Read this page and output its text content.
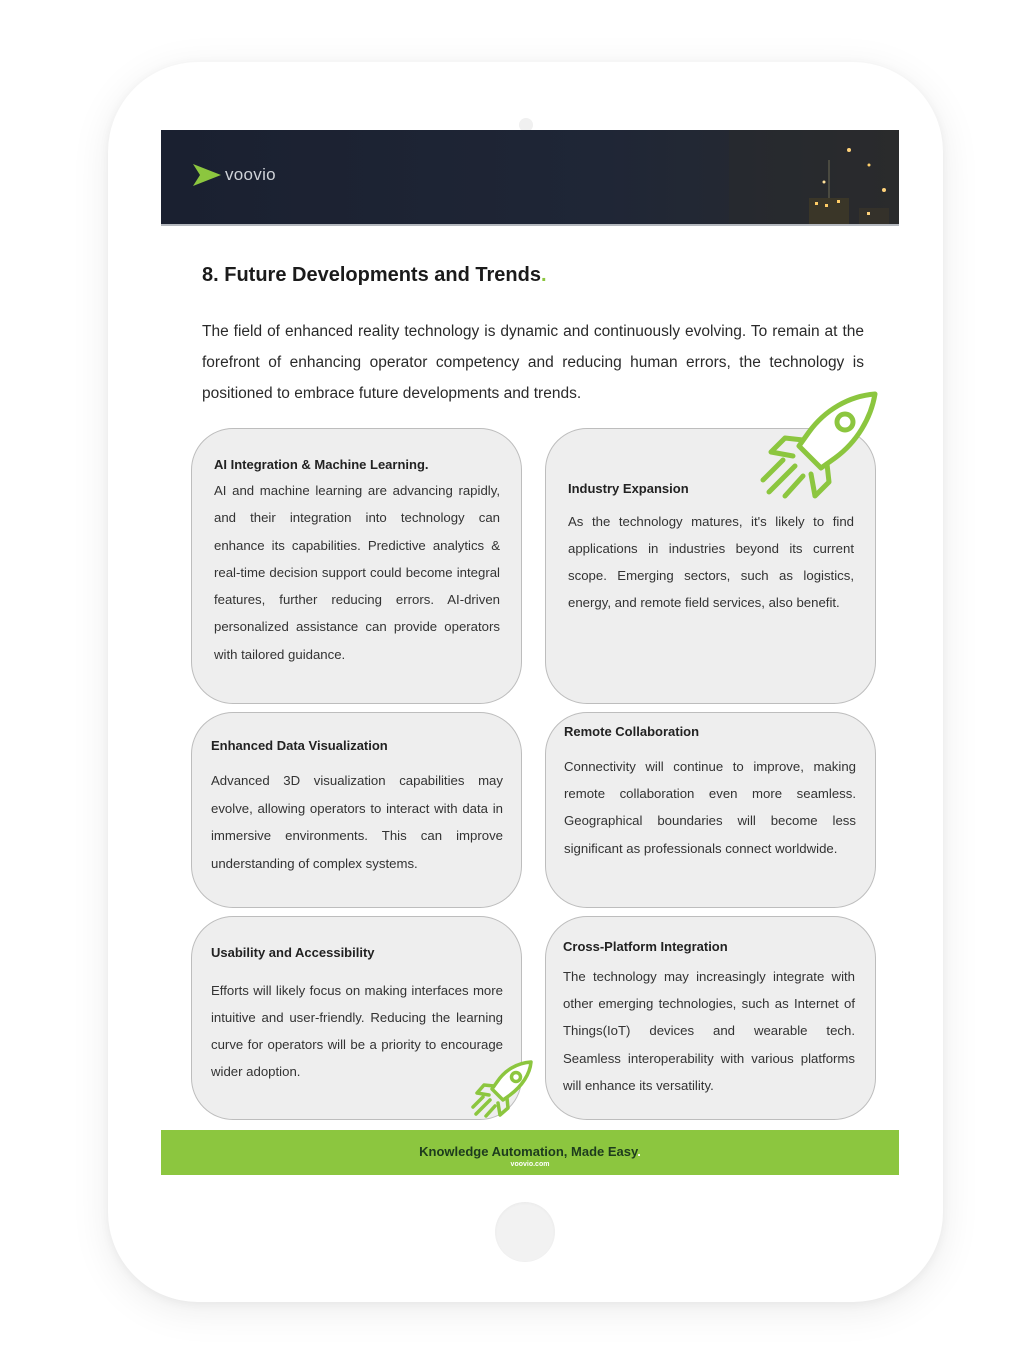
voovio
8. Future Developments and Trends.

The field of enhanced reality technology is dynamic and continuously evolving. To remain at the forefront of enhancing operator competency and reducing human errors, the technology is positioned to embrace future developments and trends.

AI Integration & Machine Learning.

AI and machine learning are advancing rapidly, and their integration into technology can enhance its capabilities. Predictive analytics & real-time decision support could become integral features, further reducing errors. AI-driven personalized assistance can provide operators with tailored guidance.

Industry Expansion

As the technology matures, it's likely to find applications in industries beyond its current scope. Emerging sectors, such as logistics, energy, and remote field services, also benefit.

Enhanced Data Visualization

Advanced 3D visualization capabilities may evolve, allowing operators to interact with data in immersive environments. This can improve understanding of complex systems.

Remote Collaboration

Connectivity will continue to improve, making remote collaboration even more seamless. Geographical boundaries will become less significant as professionals connect worldwide.

Usability and Accessibility

Efforts will likely focus on making interfaces more intuitive and user-friendly. Reducing the learning curve for operators will be a priority to encourage wider adoption.

Cross-Platform Integration

The technology may increasingly integrate with other emerging technologies, such as Internet of Things(IoT) devices and wearable tech. Seamless interoperability with various platforms will enhance its versatility.

Knowledge Automation, Made Easy.
voovio.com
